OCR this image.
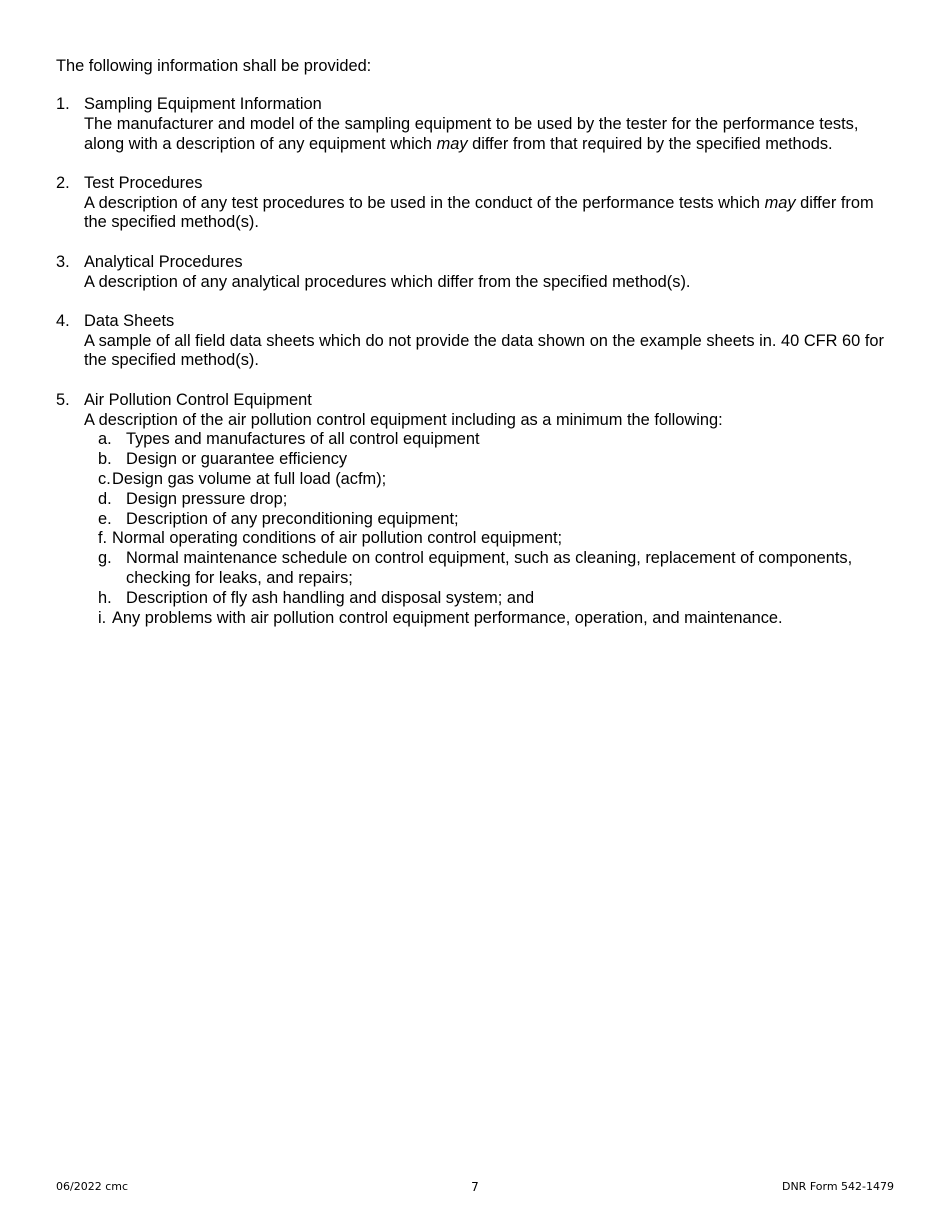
The following information shall be provided:

1. Sampling Equipment Information
The manufacturer and model of the sampling equipment to be used by the tester for the performance tests, along with a description of any equipment which may differ from that required by the specified methods.
2. Test Procedures
A description of any test procedures to be used in the conduct of the performance tests which may differ from the specified method(s).
3. Analytical Procedures
A description of any analytical procedures which differ from the specified method(s).
4. Data Sheets
A sample of all field data sheets which do not provide the data shown on the example sheets in. 40 CFR 60 for the specified method(s).
5. Air Pollution Control Equipment
A description of the air pollution control equipment including as a minimum the following:
a. Types and manufactures of all control equipment
b. Design or guarantee efficiency
c. Design gas volume at full load (acfm);
d. Design pressure drop;
e. Description of any preconditioning equipment;
f. Normal operating conditions of air pollution control equipment;
g. Normal maintenance schedule on control equipment, such as cleaning, replacement of components, checking for leaks, and repairs;
h. Description of fly ash handling and disposal system; and
i. Any problems with air pollution control equipment performance, operation, and maintenance.
06/2022 cmc	7	DNR Form 542-1479
